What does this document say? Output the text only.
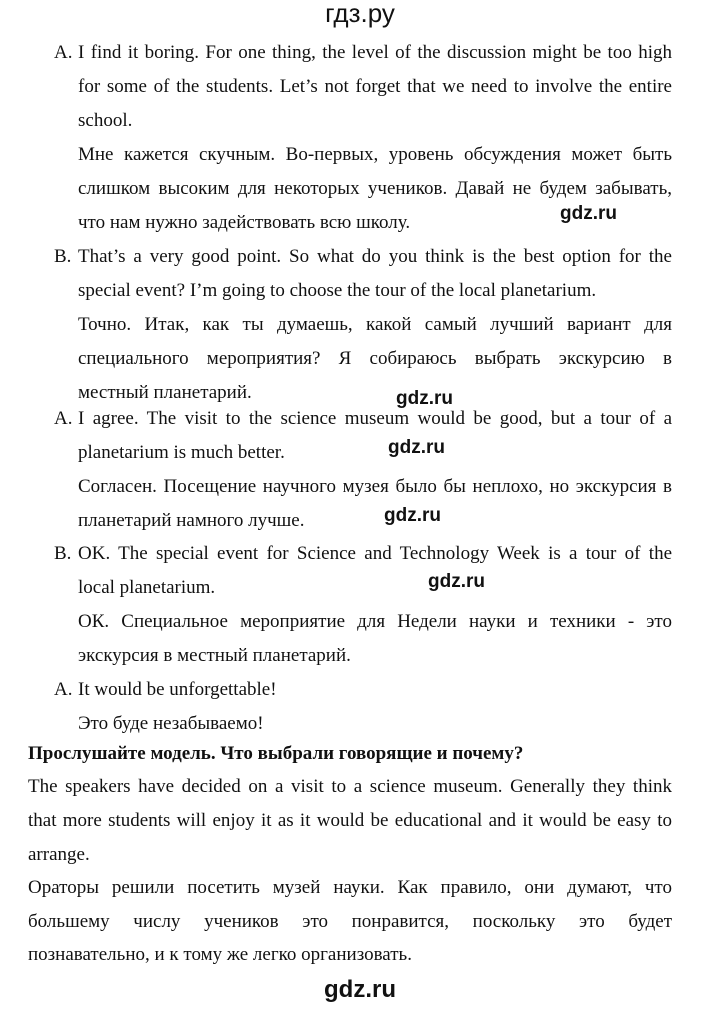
гдз.ру
A. I find it boring. For one thing, the level of the discussion might be too high
for some of the students. Let’s not forget that we need to involve the entire
school.
Мне кажется скучным. Во-первых, уровень обсуждения может быть
слишком высоким для некоторых учеников. Давай не будем забывать,
что нам нужно задействовать всю школу.	gdz.ru
B. That’s a very good point. So what do you think is the best option for the
special event? I’m going to choose the tour of the local planetarium.
Точно. Итак, как ты думаешь, какой самый лучший вариант для
специального мероприятия? Я собираюсь выбрать экскурсию в
местный планетарий.	gdz.ru
A. I agree. The visit to the science museum would be good, but a tour of a
planetarium is much better.	gdz.ru
Согласен. Посещение научного музея было бы неплохо, но экскурсия в
планетарий намного лучше.	gdz.ru
B. OK. The special event for Science and Technology Week is a tour of the
local planetarium.	gdz.ru
ОК. Специальное мероприятие для Недели науки и техники - это
экскурсия в местный планетарий.
A. It would be unforgettable!
Это буде незабываемо!
Прослушайте модель. Что выбрали говорящие и почему?
The speakers have decided on a visit to a science museum. Generally they think
that more students will enjoy it as it would be educational and it would be easy to
arrange.
Ораторы решили посетить музей науки. Как правило, они думают, что
большему числу учеников это понравится, поскольку это будет
познавательно, и к тому же легко организовать.
gdz.ru
